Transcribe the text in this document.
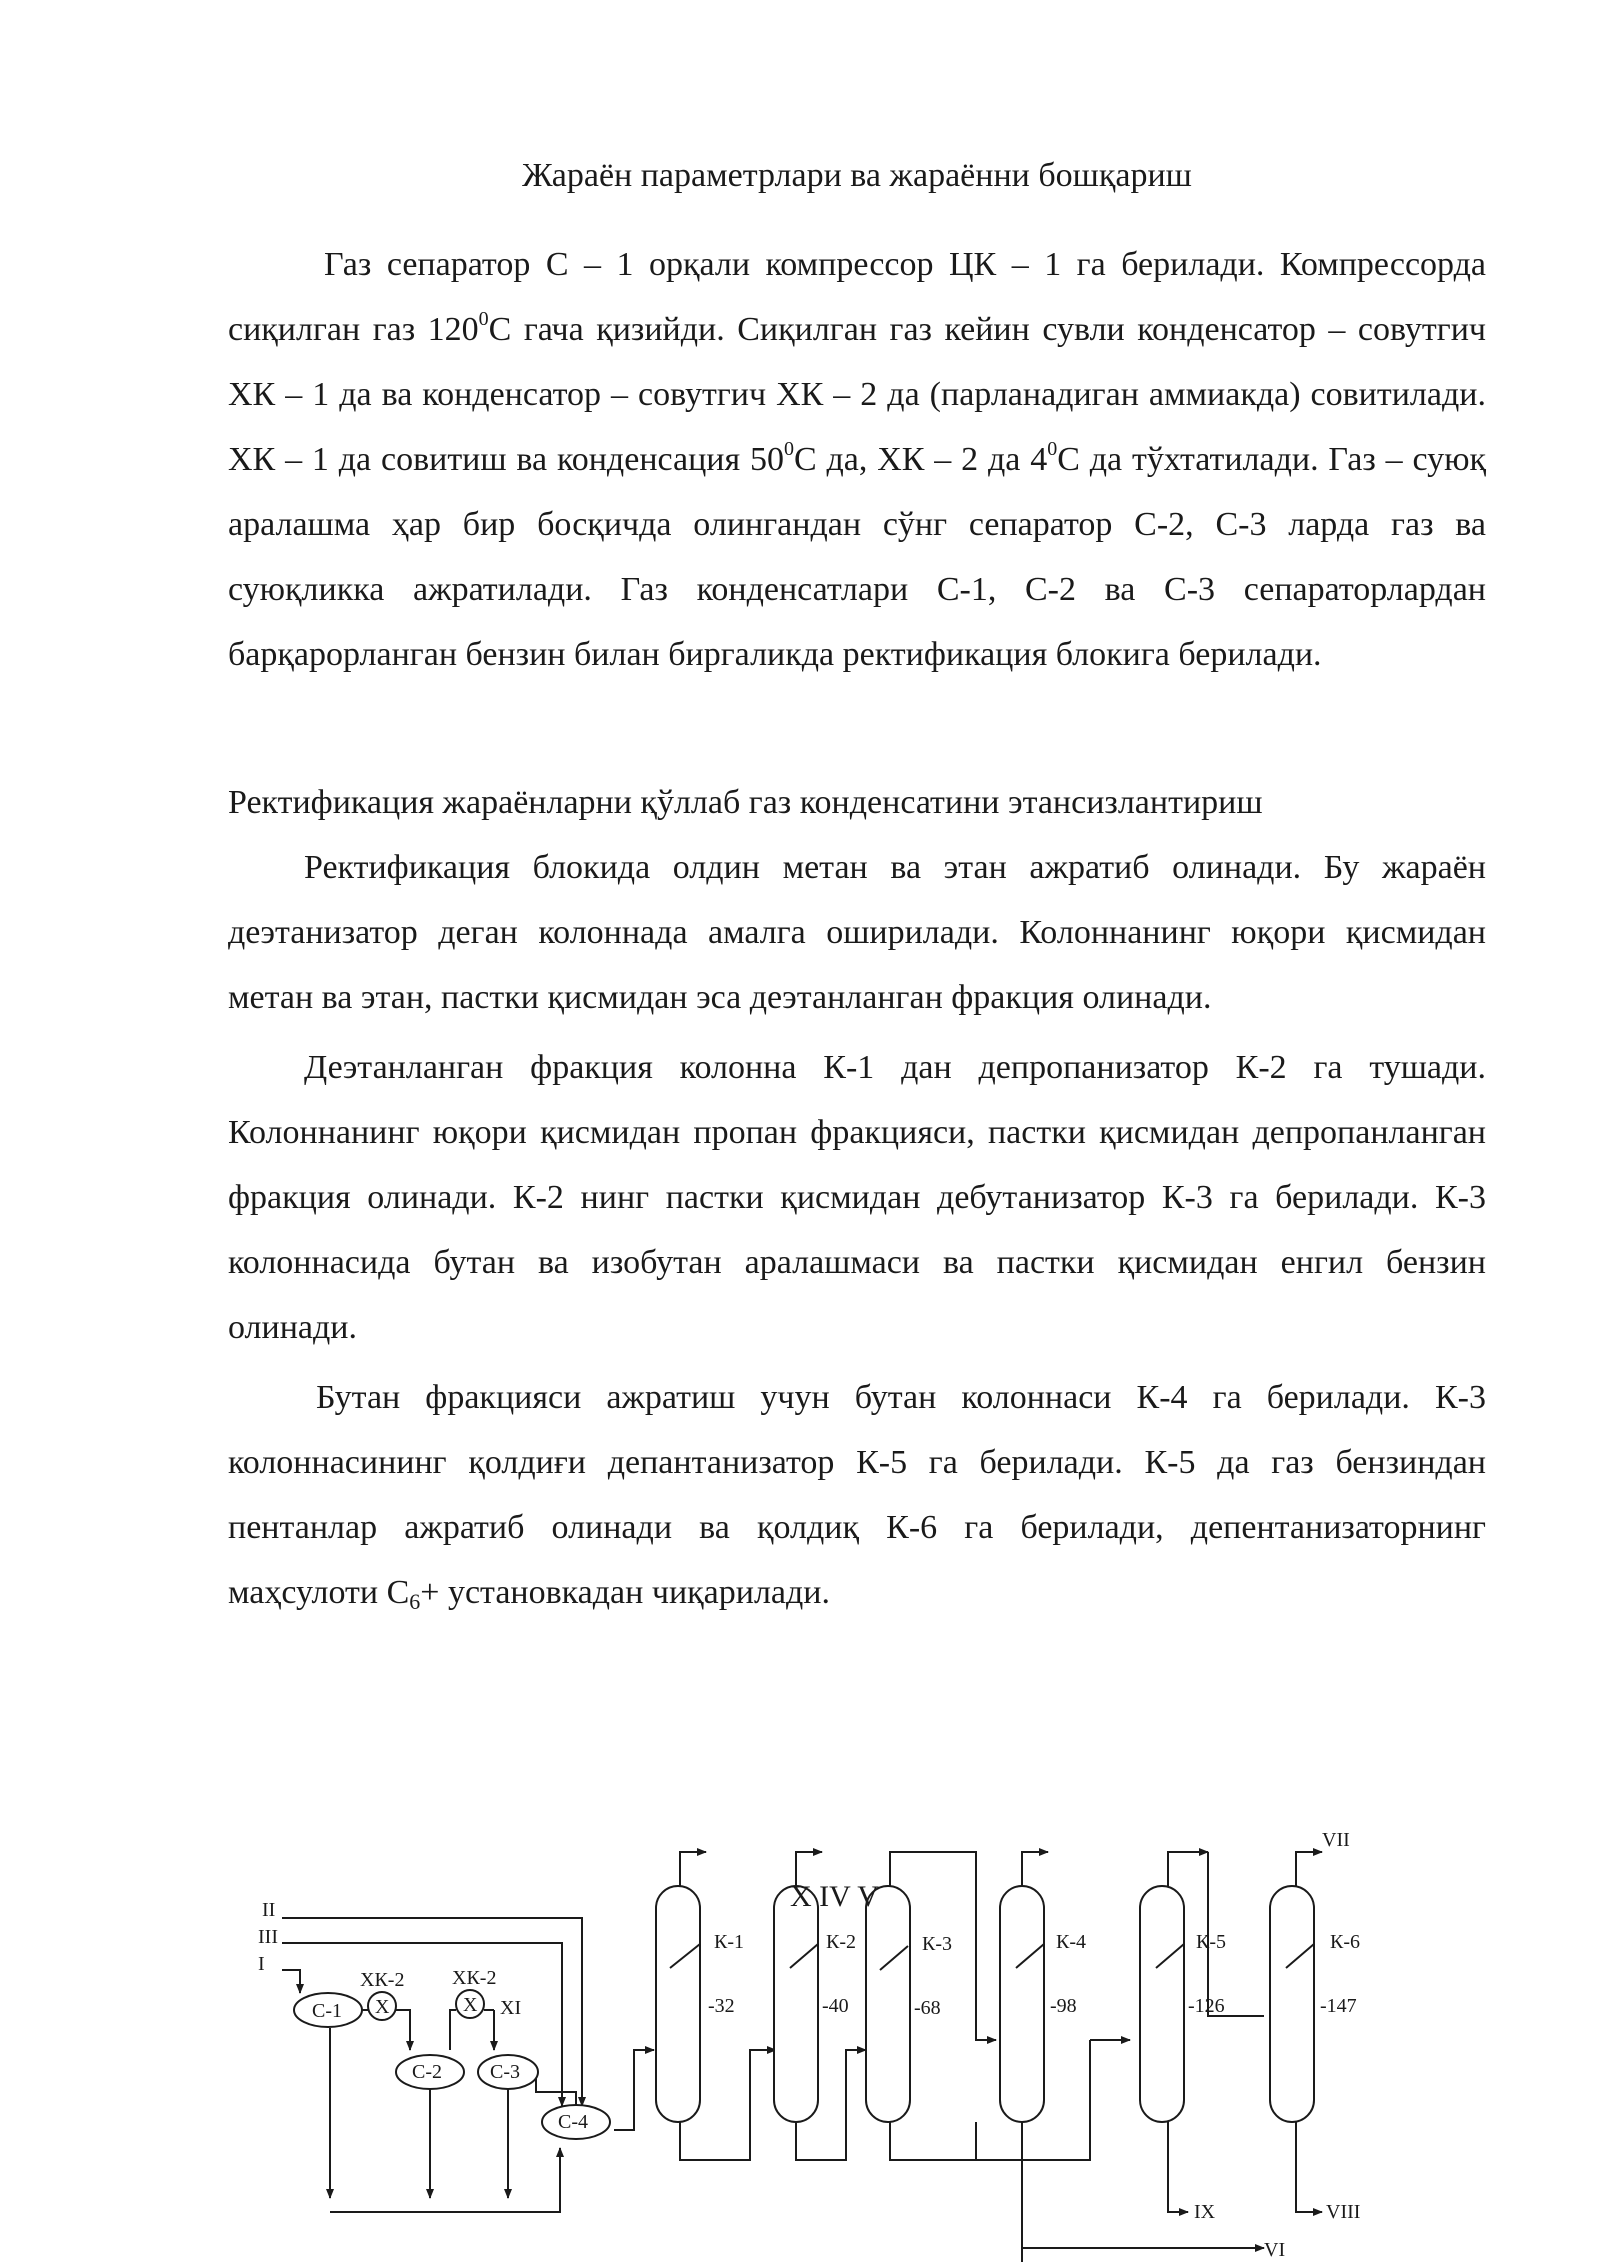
Жараён параметрлари ва жараённи бошқариш

Газ сепаратор С – 1 орқали компрессор ЦК – 1 га берилади. Компрессорда сиқилган газ $120^0С$ гача қизийди. Сиқилган газ кейин сувли конденсатор – совутгич ХК – 1 да ва конденсатор – совутгич ХК – 2 да (парланадиган аммиакда) совитилади. ХК – 1 да совитиш ва конденсация $50^0С$ да, ХК – 2 да $4^0С$ да тўхтатилади. Газ – суюқ аралашма ҳар бир босқичда олингандан сўнг сепаратор С-2, С-3 ларда газ ва суюқликка ажратилади. Газ конденсатлари С-1, С-2 ва С-3 сепараторлардан барқарорланган бензин билан биргаликда ректификация блокига берилади.

Ректификация жараёнларни қўллаб газ конденсатини этансизлантириш

Ректификация блокида олдин метан ва этан ажратиб олинади. Бу жараён деэтанизатор деган колоннада амалга оширилади. Колоннанинг юқори қисмидан метан ва этан, пастки қисмидан эса деэтанланган фракция олинади.

Деэтанланган фракция колонна К-1 дан депропанизатор К-2 га тушади. Колоннанинг юқори қисмидан пропан фракцияси, пастки қисмидан депропанланган фракция олинади. К-2 нинг пастки қисмидан дебутанизатор К-3 га берилади. К-3 колоннасида бутан ва изобутан аралашмаси ва пастки қисмидан енгил бензин олинади.

Бутан фракцияси ажратиш учун бутан колоннаси К-4 га берилади. К-3 колоннасининг қолдиғи депантанизатор К-5 га берилади. К-5 да газ бензиндан пентанлар ажратиб олинади ва қолдиқ К-6 га берилади, депентанизаторнинг маҳсулоти $С_6+$ установкадан чиқарилади.

II
III
I
С-1
С-2 С-3
С-4
ХК-2 ХК-2
X	X XI
К-1
-32
К-2
-40
К-3
-68
К-4
-98
К-5
-126
К-6
-147
VII
IX	VIII
VI
X IV V
